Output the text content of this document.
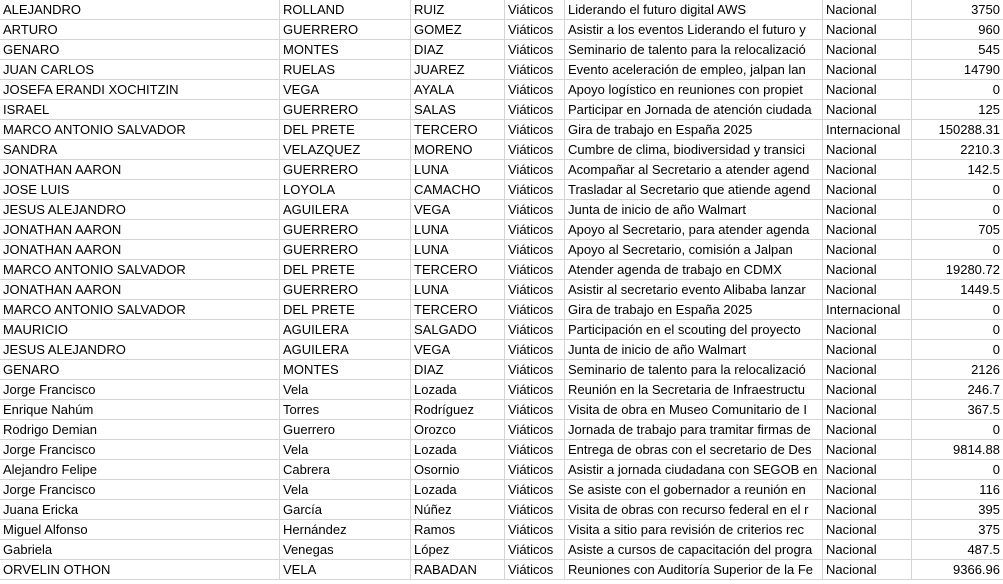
ALEJANDRO	ROLLAND	RUIZ	Viáticos	Liderando el futuro digital AWS	Nacional	3750
ARTURO	GUERRERO	GOMEZ	Viáticos	Asistir a los eventos Liderando el futuro y	Nacional	960
GENARO	MONTES	DIAZ	Viáticos	Seminario de talento para la relocalizació	Nacional	545
JUAN CARLOS	RUELAS	JUAREZ	Viáticos	Evento aceleración de empleo, jalpan lan	Nacional	14790
JOSEFA ERANDI XOCHITZIN	VEGA	AYALA	Viáticos	Apoyo logístico en reuniones con propiet	Nacional	0
ISRAEL	GUERRERO	SALAS	Viáticos	Participar en Jornada de atención ciudada	Nacional	125
MARCO ANTONIO SALVADOR	DEL PRETE	TERCERO	Viáticos	Gira de trabajo en España 2025	Internacional	150288.31
SANDRA	VELAZQUEZ	MORENO	Viáticos	Cumbre de clima, biodiversidad y transici	Nacional	2210.3
JONATHAN AARON	GUERRERO	LUNA	Viáticos	Acompañar al Secretario a atender agend	Nacional	142.5
JOSE LUIS	LOYOLA	CAMACHO	Viáticos	Trasladar al Secretario que atiende agend	Nacional	0
JESUS ALEJANDRO	AGUILERA	VEGA	Viáticos	Junta de inicio de año Walmart	Nacional	0
JONATHAN AARON	GUERRERO	LUNA	Viáticos	Apoyo al Secretario, para atender agenda	Nacional	705
JONATHAN AARON	GUERRERO	LUNA	Viáticos	Apoyo al Secretario, comisión a Jalpan	Nacional	0
MARCO ANTONIO SALVADOR	DEL PRETE	TERCERO	Viáticos	Atender agenda de trabajo en CDMX	Nacional	19280.72
JONATHAN AARON	GUERRERO	LUNA	Viáticos	Asistir al secretario evento Alibaba lanzar	Nacional	1449.5
MARCO ANTONIO SALVADOR	DEL PRETE	TERCERO	Viáticos	Gira de trabajo en España 2025	Internacional	0
MAURICIO	AGUILERA	SALGADO	Viáticos	Participación en el scouting del proyecto	Nacional	0
JESUS ALEJANDRO	AGUILERA	VEGA	Viáticos	Junta de inicio de año Walmart	Nacional	0
GENARO	MONTES	DIAZ	Viáticos	Seminario de talento para la relocalizació	Nacional	2126
Jorge Francisco	Vela	Lozada	Viáticos	Reunión en la Secretaria de Infraestructu	Nacional	246.7
Enrique Nahúm	Torres	Rodríguez	Viáticos	Visita de obra en Museo Comunitario de I	Nacional	367.5
Rodrigo Demian	Guerrero	Orozco	Viáticos	Jornada de trabajo para tramitar firmas de	Nacional	0
Jorge Francisco	Vela	Lozada	Viáticos	Entrega de obras con el secretario de Des	Nacional	9814.88
Alejandro Felipe	Cabrera	Osornio	Viáticos	Asistir a jornada ciudadana con SEGOB en Nacional	0
Jorge Francisco	Vela	Lozada	Viáticos	Se asiste con el gobernador a reunión en	Nacional	116
Juana Ericka	García	Núñez	Viáticos	Visita de obras con recurso federal en el r	Nacional	395
Miguel Alfonso	Hernández	Ramos	Viáticos	Visita a sitio para revisión de criterios rec	Nacional	375
Gabriela	Venegas	López	Viáticos	Asiste a cursos de capacitación del progra	Nacional	487.5
ORVELIN OTHON	VELA	RABADAN	Viáticos	Reuniones con Auditoría Superior de la Fe	Nacional	9366.96
